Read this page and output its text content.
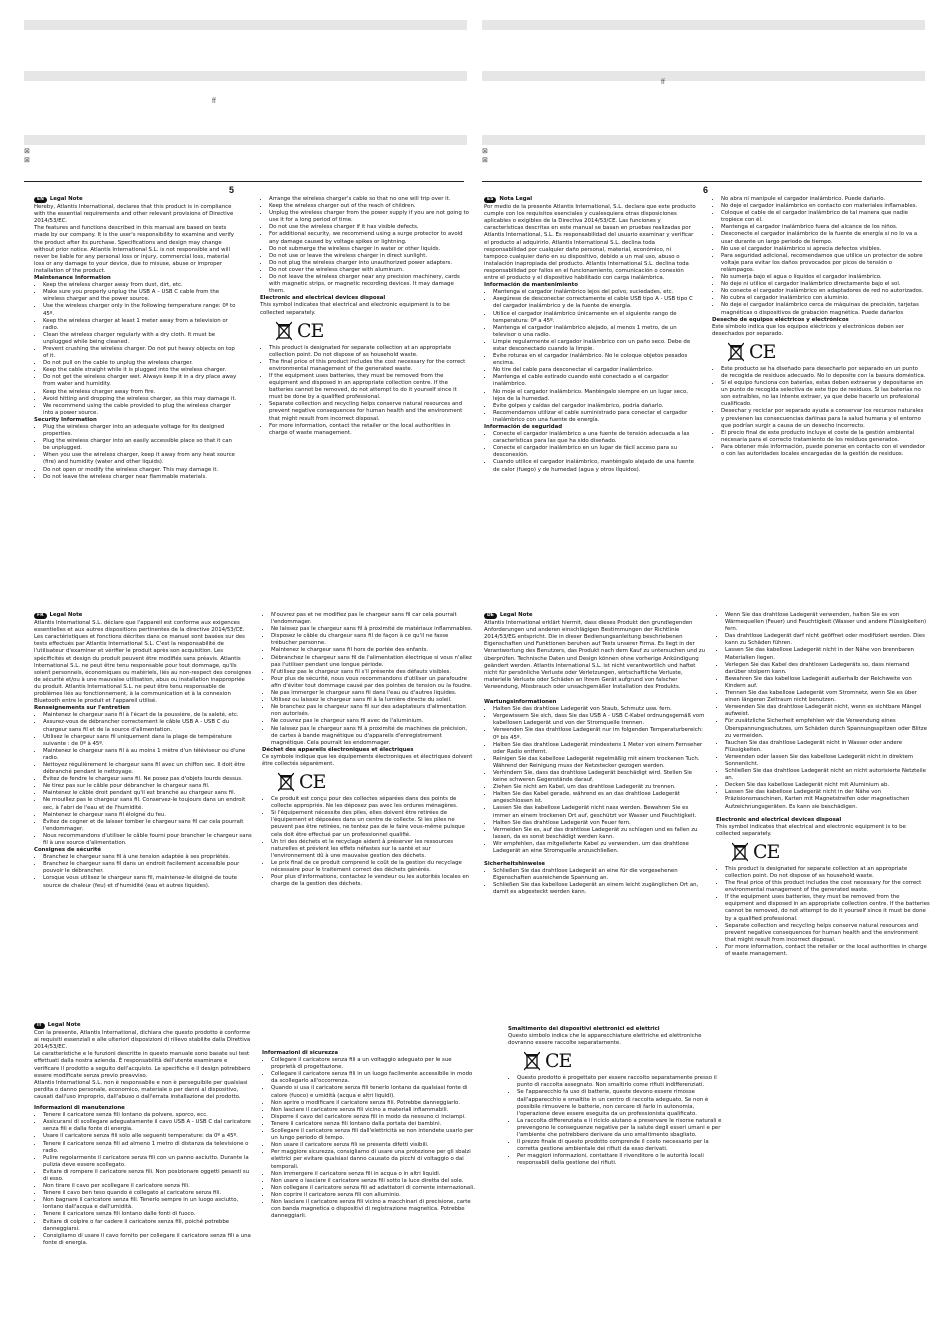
ff
ff
⊠
⊠
⊠
⊠
5	6
EN	Legal Note

Hereby, Atlantis International, declares that this product is in compliance with the essential requirements and other relevant provisions of Directive 2014/53/EC.

The features and functions described in this manual are based on tests made by our company. It is the user's responsibility to examine and verify the product after its purchase. Specifications and design may change without prior notice. Atlantis International S.L. is not responsible and will never be liable for any personal loss or injury, commercial loss, material loss or any damage to your device, due to misuse, abuse or improper installation of the product.

Maintenance Information
• Keep the wireless charger away from dust, dirt, etc.
• Make sure you properly unplug the USB A – USB C cable from the wireless charger and the power source.
• Use the wireless charger only in the following temperature range: 0º to 45º.
• Keep the wireless charger at least 1 meter away from a television or radio.
• Clean the wireless charger regularly with a dry cloth. It must be unplugged while being cleaned.
• Prevent crushing the wireless charger. Do not put heavy objects on top of it.
• Do not pull on the cable to unplug the wireless charger.
• Keep the cable straight while it is plugged into the wireless charger.
• Do not get the wireless charger wet. Always keep it in a dry place away from water and humidity.
• Keep the wireless charger away from fire.
• Avoid hitting and dropping the wireless charger, as this may damage it.
• We recommend using the cable provided to plug the wireless charger into a power source.
Security Information
• Plug the wireless charger into an adequate voltage for its designed properties.
• Plug the wireless charger into an easily accessible place so that it can be unplugged.
• When you use the wireless charger, keep it away from any heat source (fire) and humidity (water and other liquids).
• Do not open or modify the wireless charger. This may damage it.
• Do not leave the wireless charger near flammable materials.
• Arrange the wireless charger's cable so that no one will trip over it.
• Keep the wireless charger out of the reach of children.
• Unplug the wireless charger from the power supply if you are not going to use it for a long period of time.
• Do not use the wireless charger if it has visible defects.
• For additional security, we recommend using a surge protector to avoid any damage caused by voltage spikes or lightning.
• Do not submerge the wireless charger in water or other liquids.
• Do not use or leave the wireless charger in direct sunlight.
• Do not plug the wireless charger into unauthorized power adapters.
• Do not cover the wireless charger with aluminum.
• Do not leave the wireless charger near any precision machinery, cards with magnetic strips, or magnetic recording devices. It may damage them.
Electronic and electrical devices disposal

This symbol indicates that electrical and electronic equipment is to be collected separately.

CE
• This product is designated for separate collection at an appropriate collection point. Do not dispose of as household waste.
• The final price of this product includes the cost necessary for the correct environmental management of the generated waste.
• If the equipment uses batteries, they must be removed from the equipment and disposed in an appropriate collection centre. If the batteries cannot be removed, do not attempt to do it yourself since it must be done by a qualified professional.
• Separate collection and recycling helps conserve natural resources and prevent negative consequences for human health and the environment that might result from incorrect disposal.
• For more information, contact the retailer or the local authorities in charge of waste management.
ES	Nota Legal

Por medio de la presente Atlantis International, S.L. declara que este producto cumple con los requisitos esenciales y cualesquiera otras disposiciones aplicables o exigibles de la Directiva 2014/53/CE. Las funciones y características descritas en este manual se basan en pruebas realizadas por Atlantis International, S.L. Es responsabilidad del usuario examinar y verificar el producto al adquirirlo. Atlantis International S.L. declina toda responsabilidad por cualquier daño personal, material, económico, ni tampoco cualquier daño en su dispositivo, debido a un mal uso, abuso o instalación inapropiada del producto. Atlantis International S.L. declina toda responsabilidad por fallos en el funcionamiento, comunicación o conexión entre el producto y el dispositivo habilitado con carga inalámbrica.

Información de mantenimiento
• Mantenga el cargador inalámbrico lejos del polvo, suciedades, etc.
• Asegúrese de desconectar correctamente el cable USB tipo A - USB tipo C del cargador inalámbrico y de la fuente de energía.
• Utilice el cargador inalámbrico únicamente en el siguiente rango de temperatura: 0º a 45º.
• Mantenga el cargador inalámbrico alejado, al menos 1 metro, de un televisor o una radio.
• Limpie regularmente el cargador inalámbrico con un paño seco. Debe de estar desconectado cuando la limpie.
• Evite roturas en el cargador inalámbrico. No le coloque objetos pesados encima.
• No tire del cable para desconectar el cargador inalámbrico.
• Mantenga el cable estirado cuando esté conectado a el cargador inalámbrico.
• No moje el cargador inalámbrico. Manténgalo siempre en un lugar seco, lejos de la humedad.
• Evite golpes y caídas del cargador inalámbrico, podría dañarlo.
• Recomendamos utilizar el cable suministrado para conectar el cargador inalámbrico con una fuente de energía.
Información de seguridad
• Conecte el cargador inalámbrico a una fuente de tensión adecuada a las características para las que ha sido diseñado.
• Conecte el cargador inalámbrico en un lugar de fácil acceso para su desconexión.
• Cuando utilice el cargador inalámbrico, manténgalo alejado de una fuente de calor (fuego) y de humedad (agua y otros líquidos).
• No abra ni manipule el cargador inalámbrico. Puede dañarlo.
• No deje el cargador inalámbrico en contacto con materiales inflamables.
• Coloque el cable de el cargador inalámbrico de tal manera que nadie tropiece con él.
• Mantenga el cargador inalámbrico fuera del alcance de los niños.
• Desconecte el cargador inalámbrico de la fuente de energía si no lo va a usar durante un largo periodo de tiempo.
• No use el cargador inalámbrico si aprecia defectos visibles.
• Para seguridad adicional, recomendamos que utilice un protector de sobre voltaje para evitar los daños provocados por picos de tensión o relámpagos.
• No sumerja bajo el agua o líquidos el cargador inalámbrico.
• No deje ni utilice el cargador inalámbrico directamente bajo el sol.
• No conecte el cargador inalámbrico en adaptadores de red no autorizados.
• No cubra el cargador inalámbrico con aluminio.
• No deje el cargador inalámbrico cerca de máquinas de precisión, tarjetas magnéticas o dispositivos de grabación magnética. Puede dañarlos
Desecho de equipos eléctricos y electrónicos

Este símbolo indica que los equipos eléctricos y electrónicos deben ser desechados por separado.

CE
• Este producto se ha diseñado para desecharlo por separado en un punto de recogida de residuos adecuado. No lo deposite con la basura doméstica.
• Si el equipo funciona con baterías, estas deben extraerse y depositarse en un punto de recogida selectiva de este tipo de residuos. Si las baterías no son extraíbles, no las intente extraer, ya que debe hacerlo un profesional cualificado.
• Desechar y reciclar por separado ayuda a conservar los recursos naturales y previenen las consecuencias dañinas para la salud humana y el entorno que podrían surgir a causa de un desecho incorrecto.
• El precio final de este producto incluye el coste de la gestión ambiental necesaria para el correcto tratamiento de los residuos generados.
• Para obtener más información, puede ponerse en contacto con el vendedor o con las autoridades locales encargadas de la gestión de residuos.
FR	Legal Note

Atlantis International S.L. déclare que l'appareil est conforme aux exigences essentielles et aux autres dispositions pertinentes de la directive 2014/53/CE. Les caractéristiques et fonctions décrites dans ce manuel sont basées sur des tests effectués par Atlantis International S.L. C'est la responsabilité de l'utilisateur d'examiner et vérifier le produit après son acquisition. Les spécificités et design du produit peuvent être modifiés sans préavis. Atlantis International S.L. ne peut être tenu responsable pour tout dommage, qu'ils soient personnels, économiques ou matériels, liés au non-respect des consignes de sécurité et/ou à une mauvaise utilisation, abus ou installation inappropriée du produit. Atlantis International S.L. ne peut être tenu responsable de problèmes liés au fonctionnement, à la communication et à la connexion Bluetooth entre le produit et l'appareil utilisé.

Renseignements sur l'entretien
• Maintenez le chargeur sans fil à l'écart de la poussière, de la saleté, etc.
• Assurez-vous de débrancher correctement le câble USB A - USB C du chargeur sans fil et de la source d'alimentation.
• Utilisez le chargeur sans fil uniquement dans la plage de température suivante : de 0º à 45º.
• Maintenez le chargeur sans fil à au moins 1 mètre d'un téléviseur ou d'une radio.
• Nettoyez régulièrement le chargeur sans fil avec un chiffon sec. Il doit être débranché pendant le nettoyage.
• Évitez de fendre le chargeur sans fil. Ne posez pas d'objets lourds dessus.
• Ne tirez pas sur le câble pour débrancher le chargeur sans fil.
• Maintenez le câble droit pendant qu'il est branché au chargeur sans fil.
• Ne mouillez pas le chargeur sans fil. Conservez-le toujours dans un endroit sec, à l'abri de l'eau et de l'humidité.
• Maintenez le chargeur sans fil éloigné du feu.
• Évitez de cogner et de laisser tomber le chargeur sans fil car cela pourrait l'endommager.
• Nous recommandons d'utiliser le câble fourni pour brancher le chargeur sans fil à une source d'alimentation.
Consignes de sécurité
• Branchez le chargeur sans fil à une tension adaptée à ses propriétés.
• Branchez le chargeur sans fil dans un endroit facilement accessible pour pouvoir le débrancher.
• Lorsque vous utilisez le chargeur sans fil, maintenez-le éloigné de toute source de chaleur (feu) et d'humidité (eau et autres liquides).
• N'ouvrez pas et ne modifiez pas le chargeur sans fil car cela pourrait l'endommager.
• Ne laissez pas le chargeur sans fil à proximité de matériaux inflammables.
• Disposez le câble du chargeur sans fil de façon à ce qu'il ne fasse trébucher personne.
• Maintenez le chargeur sans fil hors de portée des enfants.
• Débranchez le chargeur sans fil de l'alimentation électrique si vous n'allez pas l'utiliser pendant une longue période.
• N'utilisez pas le chargeur sans fil s'il présente des défauts visibles.
• Pour plus de sécurité, nous vous recommandons d'utiliser un parafoudre afin d'éviter tout dommage causé par des pointes de tension ou la foudre.
• Ne pas immerger le chargeur sans fil dans l'eau ou d'autres liquides.
• Utilisez ou laissez le chargeur sans fil à la lumière directe du soleil.
• Ne branchez pas le chargeur sans fil sur des adaptateurs d'alimentation non autorisés.
• Ne couvrez pas le chargeur sans fil avec de l'aluminium.
• Ne laissez pas le chargeur sans fil à proximité de machines de précision, de cartes à bande magnétique ou d'appareils d'enregistrement magnétique. Cela pourrait les endommager.
Déchet des appareils électroniques et électriques

Ce symbole indique que les équipements électroniques et électriques doivent être collectés séparément.

CE
• Ce produit est conçu pour des collectes séparées dans des points de collecte appropriés. Ne les déposez pas avec les ordures ménagères.
• Si l'équipement nécessite des piles, elles doivent être retirées de l'équipement et déposées dans un centre de collecte. Si les piles ne peuvent pas être retirées, ne tentez pas de le faire vous-même puisque cela doit être effectué par un professionnel qualifié.
• Un tri des déchets et le recyclage aident à préserver les ressources naturelles et prévient les effets néfastes sur la santé et sur l'environnement dû à une mauvaise gestion des déchets.
• Le prix final de ce produit comprend le coût de la gestion du recyclage nécessaire pour le traitement correct des déchets générés.
• Pour plus d'informations, contactez le vendeur ou les autorités locales en charge de la gestion des déchets.
DE	Legal Note

Atlantis International erklärt hiermit, dass dieses Produkt den grundlegenden Anforderungen und anderen einschlägigen Bestimmungen der Richtlinie 2014/53/EG entspricht. Die in dieser Bedienungsanleitung beschriebenen Eigenschaften und Funktionen beruhen auf Tests unserer Firma. Es liegt in der Verantwortung des Benutzers, das Produkt nach dem Kauf zu untersuchen und zu überprüfen. Technische Daten und Design können ohne vorherige Ankündigung geändert werden. Atlantis International S.L. ist nicht verantwortlich und haftet nicht für persönliche Verluste oder Verletzungen, wirtschaftliche Verluste, materielle Verluste oder Schäden an Ihrem Gerät aufgrund von falscher Verwendung, Missbrauch oder unsachgemäßer Installation des Produkts.

Wartungsinformationen
• Halten Sie das drahtlose Ladegerät von Staub, Schmutz usw. fern.
• Vergewissern Sie sich, dass Sie das USB A - USB C-Kabel ordnungsgemäß vom kabellosen Ladegerät und von der Stromquelle trennen.
• Verwenden Sie das drahtlose Ladegerät nur im folgenden Temperaturbereich: 0º bis 45º.
• Halten Sie das drahtlose Ladegerät mindestens 1 Meter von einem Fernseher oder Radio entfernt.
• Reinigen Sie das kabellose Ladegerät regelmäßig mit einem trockenen Tuch. Während der Reinigung muss der Netzstecker gezogen werden.
• Verhindern Sie, dass das drahtlose Ladegerät beschädigt wird. Stellen Sie keine schweren Gegenstände darauf.
• Ziehen Sie nicht am Kabel, um das drahtlose Ladegerät zu trennen.
• Halten Sie das Kabel gerade, während es an das drahtlose Ladegerät angeschlossen ist.
• Lassen Sie das kabellose Ladegerät nicht nass werden. Bewahren Sie es immer an einem trockenen Ort auf, geschützt vor Wasser und Feuchtigkeit.
• Halten Sie das drahtlose Ladegerät von Feuer fern.
• Vermeiden Sie es, auf das drahtlose Ladegerät zu schlagen und es fallen zu lassen, da es sonst beschädigt werden kann.
• Wir empfehlen, das mitgelieferte Kabel zu verwenden, um das drahtlose Ladegerät an eine Stromquelle anzuschließen.
Sicherheitshinweise
• Schließen Sie das drahtlose Ladegerät an eine für die vorgesehenen Eigenschaften ausreichende Spannung an.
• Schließen Sie das kabellose Ladegerät an einem leicht zugänglichen Ort an, damit es abgesteckt werden kann.
• Wenn Sie das drahtlose Ladegerät verwenden, halten Sie es von Wärmequellen (Feuer) und Feuchtigkeit (Wasser und andere Flüssigkeiten) fern.
• Das drahtlose Ladegerät darf nicht geöffnet oder modifiziert werden. Dies kann zu Schäden führen.
• Lassen Sie das kabellose Ladegerät nicht in der Nähe von brennbaren Materialien liegen.
• Verlegen Sie das Kabel des drahtlosen Ladegeräts so, dass niemand darüber stolpern kann.
• Bewahren Sie das kabellose Ladegerät außerhalb der Reichweite von Kindern auf.
• Trennen Sie das kabellose Ladegerät vom Stromnetz, wenn Sie es über einen längeren Zeitraum nicht benutzen.
• Verwenden Sie das drahtlose Ladegerät nicht, wenn es sichtbare Mängel aufweist.
• Für zusätzliche Sicherheit empfehlen wir die Verwendung eines Überspannungsschutzes, um Schäden durch Spannungsspitzen oder Blitze zu vermeiden.
• Tauchen Sie das drahtlose Ladegerät nicht in Wasser oder andere Flüssigkeiten.
• Verwenden oder lassen Sie das kabellose Ladegerät nicht in direktem Sonnenlicht.
• Schließen Sie das drahtlose Ladegerät nicht an nicht autorisierte Netzteile an.
• Decken Sie das kabellose Ladegerät nicht mit Aluminium ab.
• Lassen Sie das kabellose Ladegerät nicht in der Nähe von Präzisionsmaschinen, Karten mit Magnetstreifen oder magnetischen Aufzeichnungsgeräten. Es kann sie beschädigen.
Electronic and electrical devices disposal

This symbol indicates that electrical and electronic equipment is to be collected separately.

CE
• This product is designated for separate collection at an appropriate collection point. Do not dispose of as household waste.
• The final price of this product includes the cost necessary for the correct environmental management of the generated waste.
• If the equipment uses batteries, they must be removed from the equipment and disposed in an appropriate collection centre. If the batteries cannot be removed, do not attempt to do it yourself since it must be done by a qualified professional.
• Separate collection and recycling helps conserve natural resources and prevent negative consequences for human health and the environment that might result from incorrect disposal.
• For more information, contact the retailer or the local authorities in charge of waste management.
IT	Legal Note

Con la presente, Atlantis International, dichiara che questo prodotto è conforme ai requisiti essenziali e alle ulteriori disposizioni di rilievo stabilite dalla Direttiva 2014/53/EC.

Le caratteristiche e le funzioni descritte in questo manuale sono basate sui test effettuati dalla nostra azienda. È responsabilità dell'utente esaminare e verificare il prodotto a seguito dell'acquisto. Le specifiche e il design potrebbero essere modificate senza previo preavviso.

Atlantis International S.L. non è responsabile e non è perseguibile per qualsiasi perdita o danno personale, economico, materiale o per danni al dispositivo, causati dall'uso improprio, dall'abuso o dall'errata installazione del prodotto.

Informazioni di manutenzione
• Tenere il caricatore senza fili lontano da polvere, sporco, ecc.
• Assicurarsi di scollegare adeguatamente il cavo USB A - USB C dal caricatore senza fili e dalla fonte di energia.
• Usare il caricatore senza fili solo alle seguenti temperature: da 0º a 45º.
• Tenere il caricatore senza fili ad almeno 1 metro di distanza da televisione o radio.
• Pulire regolarmente il caricatore senza fili con un panno asciutto. Durante la pulizia deve essere scollegato.
• Evitare di rompere il caricatore senza fili. Non posizionare oggetti pesanti su di esso.
• Non tirare il cavo per scollegare il caricatore senza fili.
• Tenere il cavo ben teso quando è collegato al caricatore senza fili.
• Non bagnare il caricatore senza fili. Tenerlo sempre in un luogo asciutto, lontano dall'acqua e dall'umidità.
• Tenere il caricatore senza fili lontano dalle fonti di fuoco.
• Evitare di colpire o far cadere il caricatore senza fili, poiché potrebbe danneggiarsi.
• Consigliamo di usare il cavo fornito per collegare il caricatore senza fili a una fonte di energia.
Informazioni di sicurezza
• Collegare il caricatore senza fili a un voltaggio adeguato per le sue proprietà di progettazione.
• Collegare il caricatore senza fili in un luogo facilmente accessibile in modo da scollegarlo all'occorrenza.
• Quando si usa il caricatore senza fili tenerlo lontano da qualsiasi fonte di calore (fuoco) e umidità (acqua e altri liquidi).
• Non aprire o modificare il caricatore senza fili. Potrebbe danneggiarlo.
• Non lasciare il caricatore senza fili vicino a materiali infiammabili.
• Disporre il cavo del caricatore senza fili in modo da nessuno ci inciampi.
• Tenere il caricatore senza fili lontano dalla portata dei bambini.
• Scollegare il caricatore senza fili dall'elettricità se non intendete usarlo per un lungo periodo di tempo.
• Non usare il caricatore senza fili se presenta difetti visibili.
• Per maggiore sicurezza, consigliamo di usare una protezione per gli sbalzi elettrici per evitare qualsiasi danno causato da picchi di voltaggio o dai temporali.
• Non immergere il caricatore senza fili in acqua o in altri liquidi.
• Non usare o lasciare il caricatore senza fili sotto la luce diretta del sole.
• Non collegare il caricatore senza fili ad adattatori di corrente internazionali.
• Non coprire il caricatore senza fili con alluminio.
• Non lasciare il caricatore senza fili vicino a macchinari di precisione, carte con banda magnetica o dispositivi di registrazione magnetica. Potrebbe danneggiarli.
Smaltimento dei dispositivi elettronici ed elettrici

Questo simbolo indica che le apparecchiature elettriche ed elettroniche dovranno essere raccolte separatamente.

CE
• Questo prodotto è progettato per essere raccolto separatamente presso il punto di raccolta assegnato. Non smaltirlo come rifiuti indifferenziati.
• Se l'apparecchio fa uso di batterie, queste devono essere rimosse dall'apparecchio e smaltite in un centro di raccolta adeguato. Se non è possibile rimuovere le batterie, non cercare di farlo in autonomia, l'operazione deve essere eseguita da un professionista qualificato.
• La raccolta differenziata e il riciclo aiutano a preservare le risorse naturali e prevengono le conseguenze negative per la salute degli esseri umani e per l'ambiente che potrebbero derivare da uno smaltimento sbagliato.
• Il prezzo finale di questo prodotto comprende il costo necessario per la corretta gestione ambientale dei rifiuti da esso derivati.
• Per maggiori informazioni, contattare il rivenditore o le autorità locali responsabili della gestione dei rifiuti.
